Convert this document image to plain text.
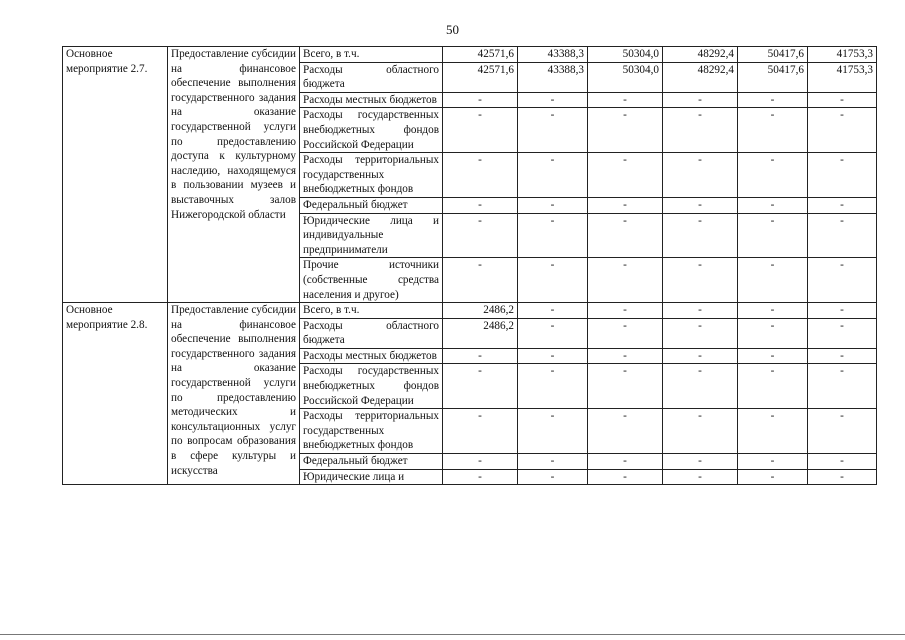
50
Основное мероприятие 2.7.	Предоставление субсидии на финансовое обеспечение выполнения государственного задания на оказание государственной услуги по предоставлению доступа к культурному наследию, находящемуся в пользовании музеев и выставочных залов Нижегородской области	Всего, в т.ч.	42571,6	43388,3	50304,0	48292,4	50417,6	41753,3
		Расходы областного бюджета	42571,6	43388,3	50304,0	48292,4	50417,6	41753,3
		Расходы местных бюджетов	-	-	-	-	-	-
		Расходы государственных внебюджетных фондов Российской Федерации	-	-	-	-	-	-
		Расходы территориальных государственных внебюджетных фондов	-	-	-	-	-	-
		Федеральный бюджет	-	-	-	-	-	-
		Юридические лица и индивидуальные предприниматели	-	-	-	-	-	-
		Прочие источники (собственные средства населения и другое)	-	-	-	-	-	-
Основное мероприятие 2.8.	Предоставление субсидии на финансовое обеспечение выполнения государственного задания на оказание государственной услуги по предоставлению методических и консультационных услуг по вопросам образования в сфере культуры и искусства	Всего, в т.ч.	2486,2	-	-	-	-	-
		Расходы областного бюджета	2486,2	-	-	-	-	-
		Расходы местных бюджетов	-	-	-	-	-	-
		Расходы государственных внебюджетных фондов Российской Федерации	-	-	-	-	-	-
		Расходы территориальных государственных внебюджетных фондов	-	-	-	-	-	-
		Федеральный бюджет	-	-	-	-	-	-
		Юридические лица и	-	-	-	-	-	-
